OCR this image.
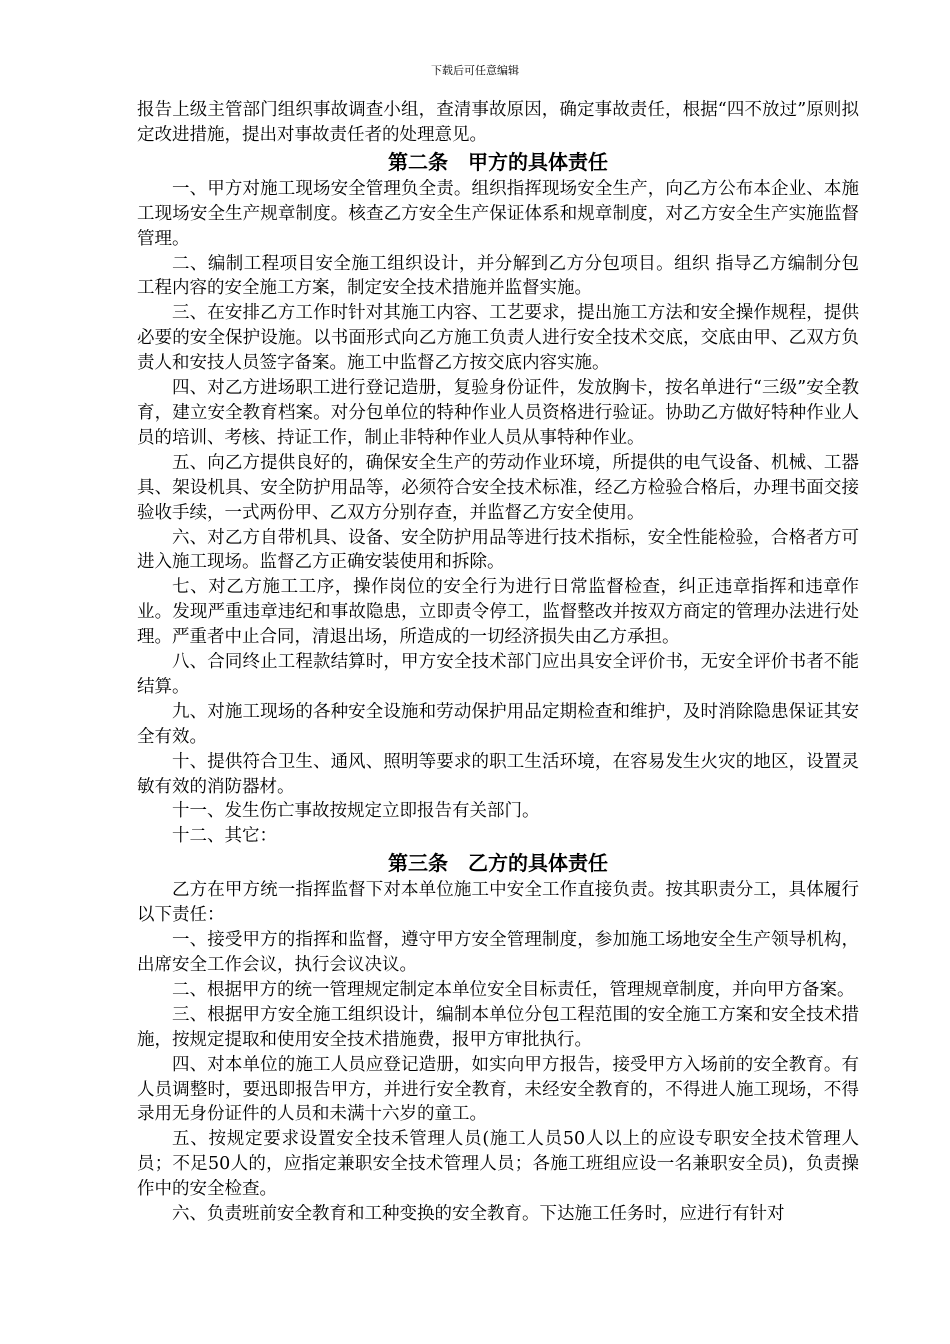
下载后可任意编辑

报告上级主管部门组织事故调查小组，查清事故原因，确定事故责任，根据“四不放过”原则拟定改进措施，提出对事故责任者的处理意见。

第二条　甲方的具体责任

一、甲方对施工现场安全管理负全责。组织指挥现场安全生产，向乙方公布本企业、本施工现场安全生产规章制度。核查乙方安全生产保证体系和规章制度，对乙方安全生产实施监督管理。

二、编制工程项目安全施工组织设计，并分解到乙方分包项目。组织 指导乙方编制分包工程内容的安全施工方案，制定安全技术措施并监督实施。

三、在安排乙方工作时针对其施工内容、工艺要求，提出施工方法和安全操作规程，提供必要的安全保护设施。以书面形式向乙方施工负责人进行安全技术交底，交底由甲、乙双方负责人和安技人员签字备案。施工中监督乙方按交底内容实施。

四、对乙方进场职工进行登记造册，复验身份证件，发放胸卡，按名单进行“三级”安全教育，建立安全教育档案。对分包单位的特种作业人员资格进行验证。协助乙方做好特种作业人员的培训、考核、持证工作，制止非特种作业人员从事特种作业。

五、向乙方提供良好的，确保安全生产的劳动作业环境，所提供的电气设备、机械、工器具、架设机具、安全防护用品等，必须符合安全技术标准，经乙方检验合格后，办理书面交接验收手续，一式两份甲、乙双方分别存查，并监督乙方安全使用。

六、对乙方自带机具、设备、安全防护用品等进行技术指标，安全性能检验，合格者方可进入施工现场。监督乙方正确安装使用和拆除。

七、对乙方施工工序，操作岗位的安全行为进行日常监督检查，纠正违章指挥和违章作业。发现严重违章违纪和事故隐患，立即责令停工，监督整改并按双方商定的管理办法进行处理。严重者中止合同，清退出场，所造成的一切经济损失由乙方承担。

八、合同终止工程款结算时，甲方安全技术部门应出具安全评价书，无安全评价书者不能结算。

九、对施工现场的各种安全设施和劳动保护用品定期检查和维护，及时消除隐患保证其安全有效。

十、提供符合卫生、通风、照明等要求的职工生活环境，在容易发生火灾的地区，设置灵敏有效的消防器材。

十一、发生伤亡事故按规定立即报告有关部门。

十二、其它：

第三条　乙方的具体责任

乙方在甲方统一指挥监督下对本单位施工中安全工作直接负责。按其职责分工，具体履行以下责任：

一、接受甲方的指挥和监督，遵守甲方安全管理制度，参加施工场地安全生产领导机构，出席安全工作会议，执行会议决议。

二、根据甲方的统一管理规定制定本单位安全目标责任，管理规章制度，并向甲方备案。

三、根据甲方安全施工组织设计，编制本单位分包工程范围的安全施工方案和安全技术措施，按规定提取和使用安全技术措施费，报甲方审批执行。

四、对本单位的施工人员应登记造册，如实向甲方报告，接受甲方入场前的安全教育。有人员调整时，要迅即报告甲方，并进行安全教育，未经安全教育的，不得进人施工现场，不得录用无身份证件的人员和未满十六岁的童工。

五、按规定要求设置安全技禾管理人员(施工人员50人以上的应设专职安全技术管理人员；不足50人的，应指定兼职安全技术管理人员；各施工班组应设一名兼职安全员)，负责操作中的安全检查。

六、负责班前安全教育和工种变换的安全教育。下达施工任务时，应进行有针对
